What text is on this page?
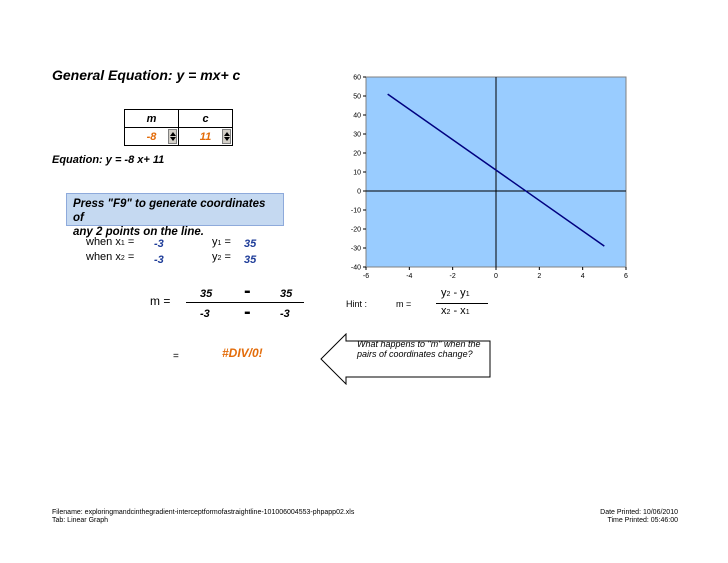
General Equation: y = mx+ c
m	c
-8	11
Equation: y = -8 x+ 11
Press "F9" to generate coordinates of
any 2 points on the line.
when x1 = -3	y1 = 35
when x2 = -3	y2 = 35
m =	35 -	35
-3 -	-3
=	#DIV/0!
-40
-30
-20
-10
0
10
20
30
40
50
60
-6	-4	-2	0	2	4	6
Hint :	m =
y2 - y1
x2 - x1
What happens to "m" when the
pairs of coordinates change?
Filename: exploringmandcinthegradient-interceptformofastraightline-101006004553-phpapp02.xls
Tab: Linear Graph
Date Printed: 10/06/2010
Time Printed: 05:46:00
